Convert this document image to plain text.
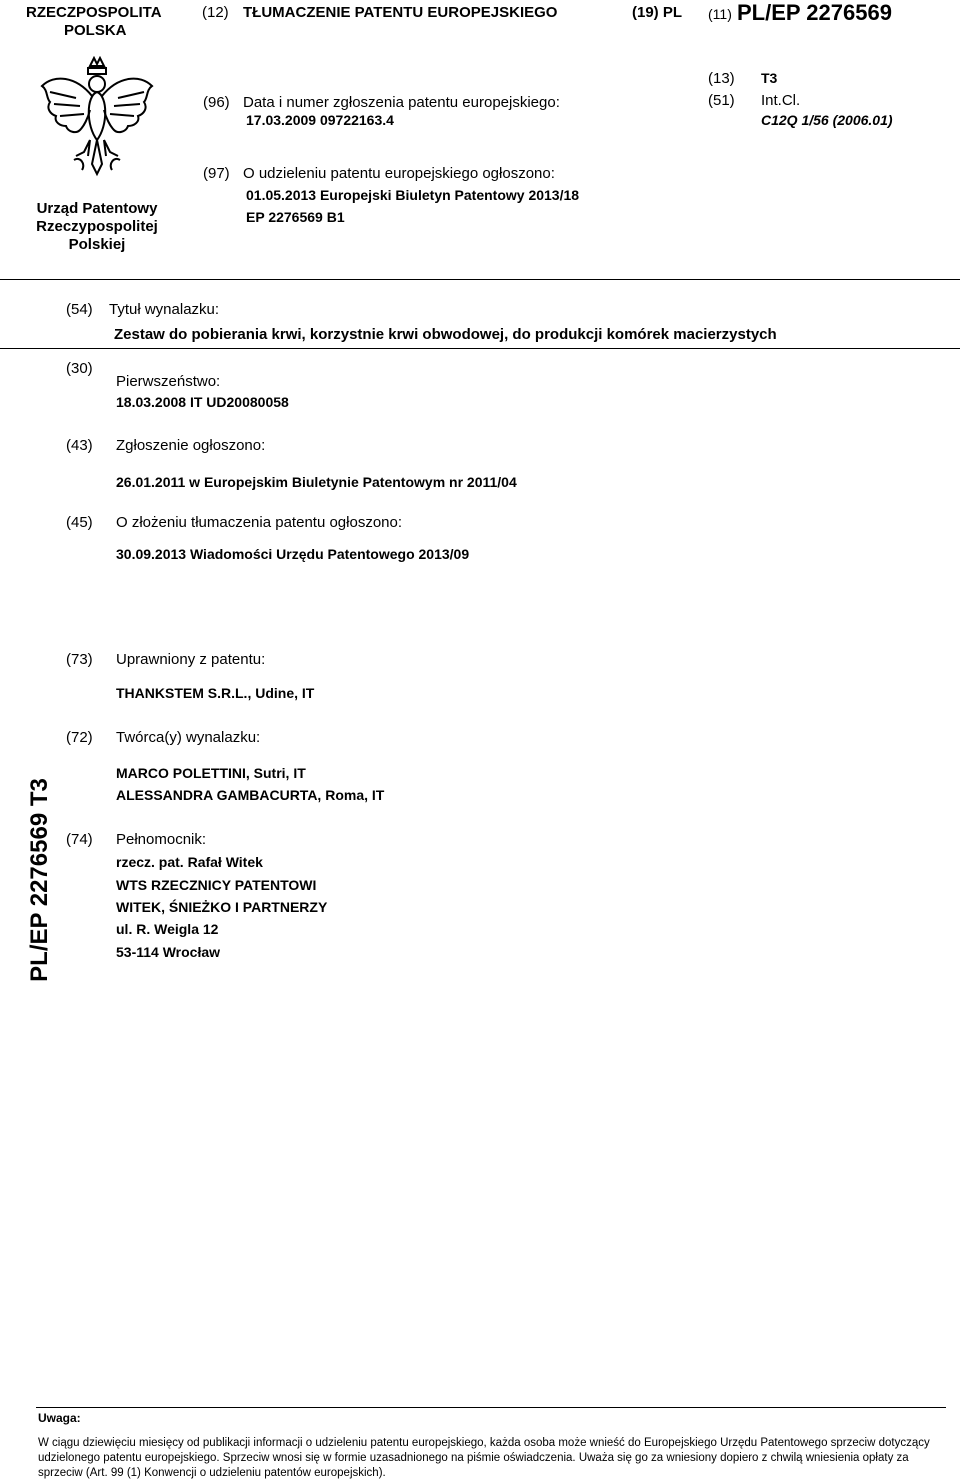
RZECZPOSPOLITA
POLSKA
(12) TŁUMACZENIE PATENTU EUROPEJSKIEGO	(19) PL (11) PL/EP 2276569
Urząd Patentowy
Rzeczypospolitej
Polskiej
(96) Data i numer zgłoszenia patentu europejskiego:
17.03.2009 09722163.4
(13) T3
(51) Int.Cl.
C12Q 1/56 (2006.01)
(97) O udzieleniu patentu europejskiego ogłoszono:
01.05.2013 Europejski Biuletyn Patentowy 2013/18
EP 2276569 B1
(54) Tytuł wynalazku:
Zestaw do pobierania krwi, korzystnie krwi obwodowej, do produkcji komórek macierzystych
(30)
Pierwszeństwo:
18.03.2008 IT UD20080058
(43) Zgłoszenie ogłoszono:
26.01.2011 w Europejskim Biuletynie Patentowym nr 2011/04
(45) O złożeniu tłumaczenia patentu ogłoszono:
30.09.2013 Wiadomości Urzędu Patentowego 2013/09
(73) Uprawniony z patentu:
THANKSTEM S.R.L., Udine, IT
(72) Twórca(y) wynalazku:
MARCO POLETTINI, Sutri, IT
ALESSANDRA GAMBACURTA, Roma, IT
(74) Pełnomocnik:
rzecz. pat. Rafał Witek
WTS RZECZNICY PATENTOWI
WITEK, ŚNIEŻKO I PARTNERZY
ul. R. Weigla 12
53-114 Wrocław
PL/EP 2276569 T3
Uwaga:
W ciągu dziewięciu miesięcy od publikacji informacji o udzieleniu patentu europejskiego, każda osoba może wnieść do Europejskiego Urzędu Patentowego sprzeciw dotyczący udzielonego patentu europejskiego. Sprzeciw wnosi się w formie uzasadnionego na piśmie oświadczenia. Uważa się go za wniesiony dopiero z chwilą wniesienia opłaty za sprzeciw (Art. 99 (1) Konwencji o udzieleniu patentów europejskich).
